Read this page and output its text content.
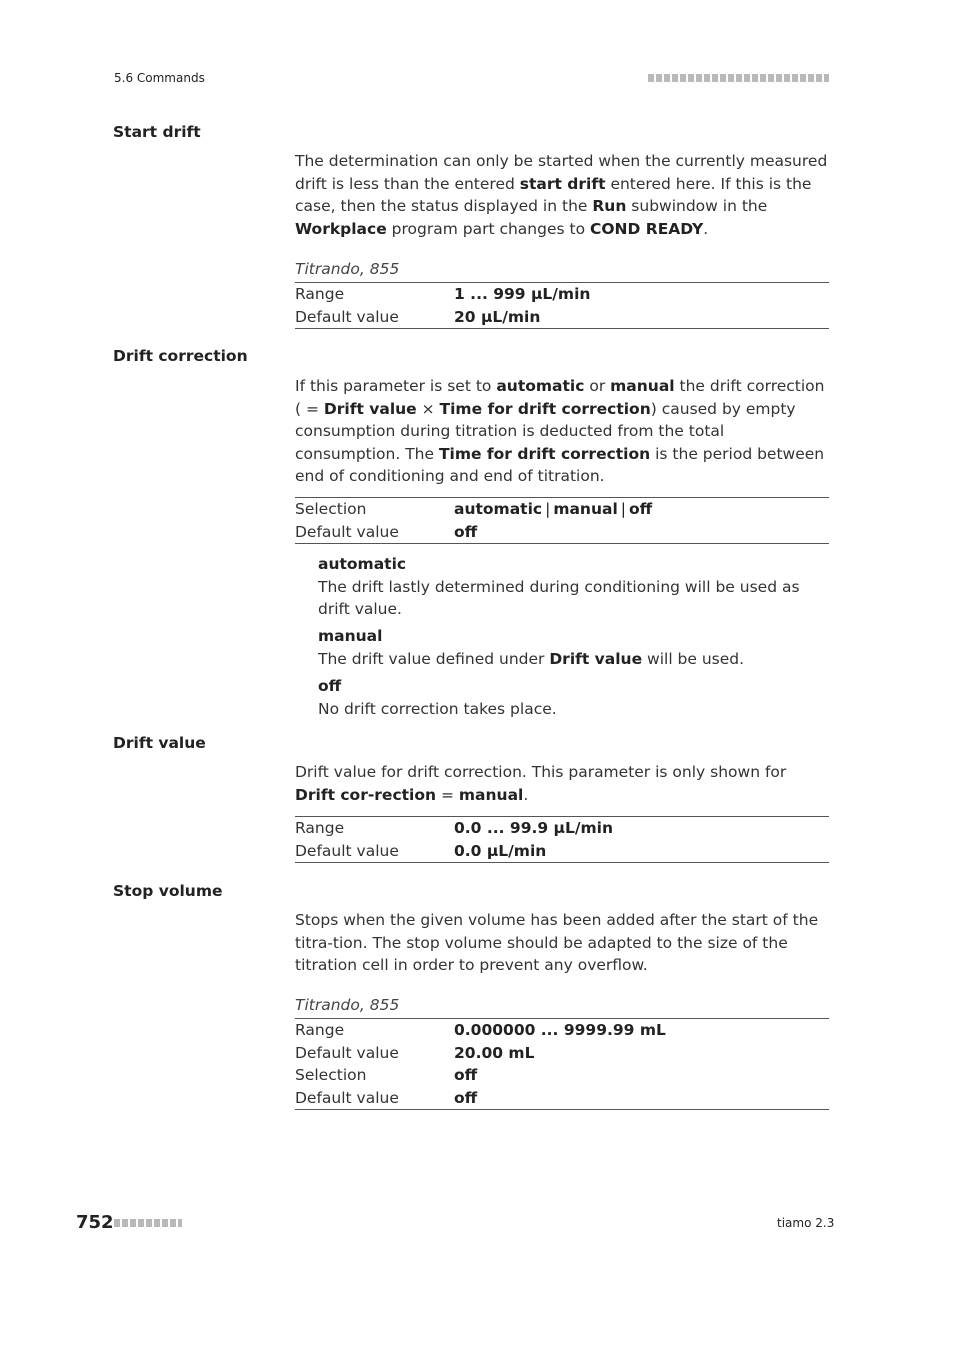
5.6 Commands
Start drift
The determination can only be started when the currently measured drift is less than the entered start drift entered here. If this is the case, then the status displayed in the Run subwindow in the Workplace program part changes to COND READY.
Titrando, 855
Range	1 ... 999 µL/min
Default value	20 µL/min
Drift correction
If this parameter is set to automatic or manual the drift correction ( = Drift value × Time for drift correction) caused by empty consumption during titration is deducted from the total consumption. The Time for drift correction is the period between end of conditioning and end of titration.
Selection	automatic | manual | off
Default value	off
automatic
The drift lastly determined during conditioning will be used as drift value.
manual
The drift value defined under Drift value will be used.
off
No drift correction takes place.
Drift value
Drift value for drift correction. This parameter is only shown for Drift cor-rection = manual.
Range	0.0 ... 99.9 µL/min
Default value	0.0 µL/min
Stop volume
Stops when the given volume has been added after the start of the titra-tion. The stop volume should be adapted to the size of the titration cell in order to prevent any overflow.
Titrando, 855
Range	0.000000 ... 9999.99 mL
Default value	20.00 mL
Selection	off
Default value	off
752	tiamo 2.3
